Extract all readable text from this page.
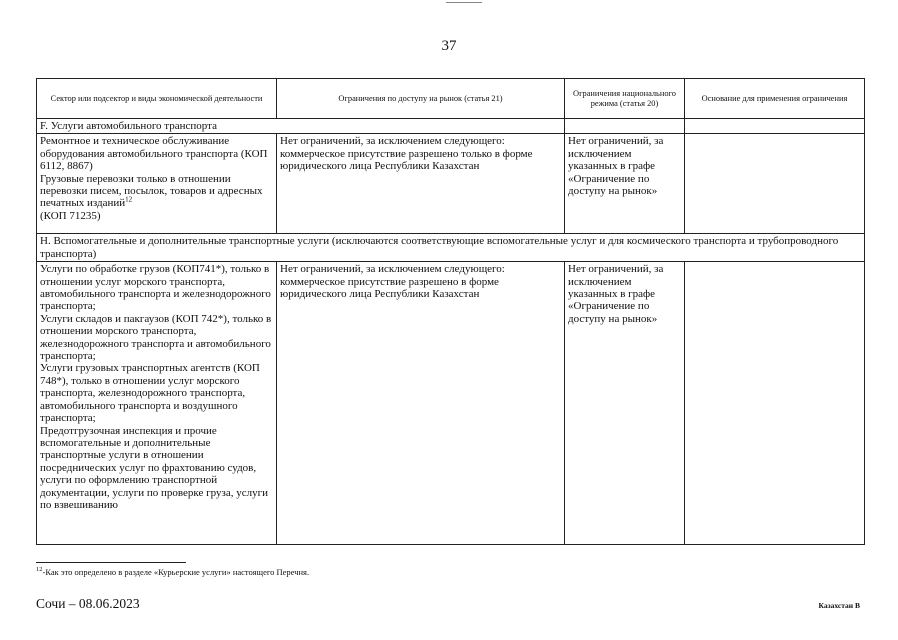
37
Сектор или подсектор и виды экономической деятельности	Ограничения по доступу на рынок (статья 21)	Ограничения национального режима (статья 20)	Основание для применения ограничения
F. Услуги автомобильного транспорта			

Ремонтное и техническое обслуживание оборудования автомобильного транспорта (КОП 6112, 8867)
Грузовые перевозки только в отношении перевозки писем, посылок, товаров и адресных печатных изданий$^{12}$
(КОП 71235)	Нет ограничений, за исключением следующего: коммерческое присутствие разрешено только в форме юридического лица Республики Казахстан	Нет ограничений, за исключением указанных в графе «Ограничение по доступу на рынок»	
H. Вспомогательные и дополнительные транспортные услуги (исключаются соответствующие вспомогательные услуг и для космического транспорта и трубопроводного транспорта)			

Услуги по обработке грузов (КОП741*), только в отношении услуг морского транспорта, автомобильного транспорта и железнодорожного транспорта;
Услуги складов и пакгаузов (КОП 742*), только в отношении морского транспорта, железнодорожного транспорта и автомобильного транспорта;
Услуги грузовых транспортных агентств (КОП 748*), только в отношении услуг морского транспорта, железнодорожного транспорта, автомобильного транспорта и воздушного транспорта;
Предотгрузочная инспекция и прочие вспомогательные и дополнительные транспортные услуги в отношении посреднических услуг по фрахтованию судов, услуги по оформлению транспортной документации, услуги по проверке груза, услуги по взвешиванию	Нет ограничений, за исключением следующего: коммерческое присутствие разрешено в форме юридического лица Республики Казахстан	Нет ограничений, за исключением указанных в графе «Ограничение по доступу на рынок»	
$^{12}$-Как это определено в разделе «Курьерские услуги» настоящего Перечня.
Сочи – 08.06.2023	Казахстан В
